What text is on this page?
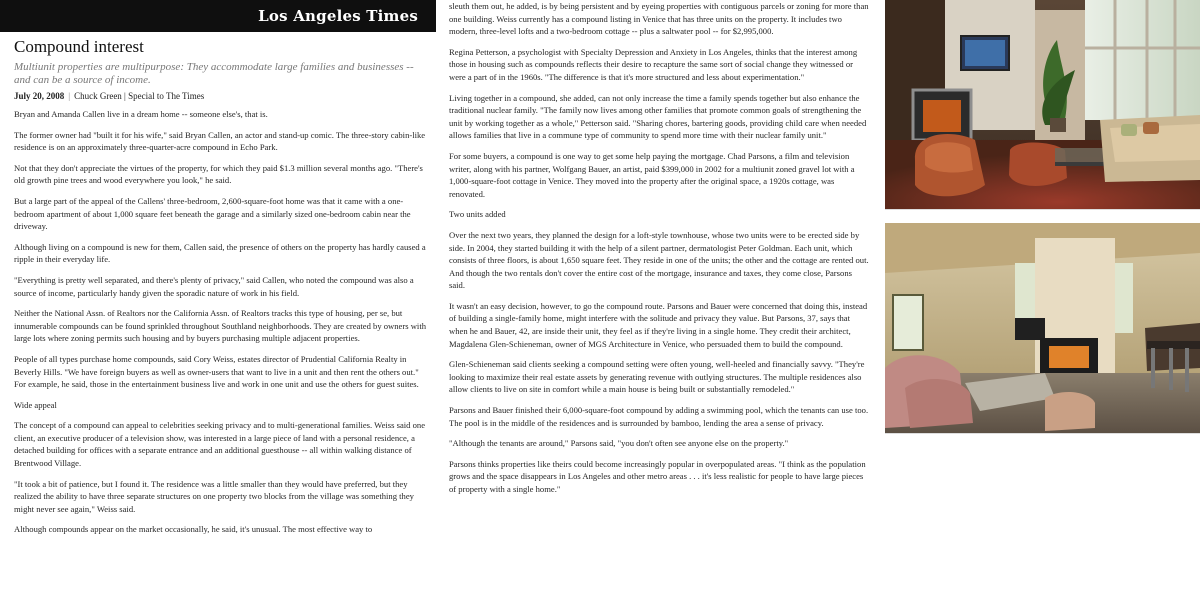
Los Angeles Times
Compound interest
Multiunit properties are multipurpose: They accommodate large families and businesses -- and can be a source of income.
July 20, 2008 | Chuck Green | Special to The Times

Bryan and Amanda Callen live in a dream home -- someone else's, that is.

The former owner had "built it for his wife," said Bryan Callen, an actor and stand-up comic. The three-story cabin-like residence is on an approximately three-quarter-acre compound in Echo Park.

Not that they don't appreciate the virtues of the property, for which they paid $1.3 million several months ago. "There's old growth pine trees and wood everywhere you look," he said.

But a large part of the appeal of the Callens' three-bedroom, 2,600-square-foot home was that it came with a one-bedroom apartment of about 1,000 square feet beneath the garage and a similarly sized one-bedroom cabin near the driveway.

Although living on a compound is new for them, Callen said, the presence of others on the property has hardly caused a ripple in their everyday life.

"Everything is pretty well separated, and there's plenty of privacy," said Callen, who noted the compound was also a source of income, particularly handy given the sporadic nature of work in his field.

Neither the National Assn. of Realtors nor the California Assn. of Realtors tracks this type of housing, per se, but innumerable compounds can be found sprinkled throughout Southland neighborhoods. They are created by owners with large lots where zoning permits such housing and by buyers purchasing multiple adjacent properties.

People of all types purchase home compounds, said Cory Weiss, estates director of Prudential California Realty in Beverly Hills. "We have foreign buyers as well as owner-users that want to live in a unit and then rent the others out." For example, he said, those in the entertainment business live and work in one unit and use the others for guest suites.

Wide appeal

The concept of a compound can appeal to celebrities seeking privacy and to multi-generational families. Weiss said one client, an executive producer of a television show, was interested in a large piece of land with a personal residence, a detached building for offices with a separate entrance and an additional guesthouse -- all within walking distance of Brentwood Village.

"It took a bit of patience, but I found it. The residence was a little smaller than they would have preferred, but they realized the ability to have three separate structures on one property two blocks from the village was something they might never see again," Weiss said.

Although compounds appear on the market occasionally, he said, it's unusual. The most effective way to

sleuth them out, he added, is by being persistent and by eyeing properties with contiguous parcels or zoning for more than one building. Weiss currently has a compound listing in Venice that has three units on the property. It includes two modern, three-level lofts and a two-bedroom cottage -- plus a saltwater pool -- for $2,995,000.

Regina Petterson, a psychologist with Specialty Depression and Anxiety in Los Angeles, thinks that the interest among those in housing such as compounds reflects their desire to recapture the same sort of social change they witnessed or were a part of in the 1960s. "The difference is that it's more structured and less about experimentation."

Living together in a compound, she added, can not only increase the time a family spends together but also enhance the traditional nuclear family. "The family now lives among other families that promote common goals of strengthening the unit by working together as a whole," Petterson said. "Sharing chores, bartering goods, providing child care when needed allows families that live in a commune type of community to spend more time with their nuclear family unit."

For some buyers, a compound is one way to get some help paying the mortgage. Chad Parsons, a film and television writer, along with his partner, Wolfgang Bauer, an artist, paid $399,000 in 2002 for a multiunit zoned gravel lot with a 1,000-square-foot cottage in Venice. They moved into the property after the original space, a 1920s cottage, was renovated.

Two units added

Over the next two years, they planned the design for a loft-style townhouse, whose two units were to be erected side by side. In 2004, they started building it with the help of a silent partner, dermatologist Peter Goldman. Each unit, which consists of three floors, is about 1,650 square feet. They reside in one of the units; the other and the cottage are rented out. And though the two rentals don't cover the entire cost of the mortgage, insurance and taxes, they come close, Parsons said.

It wasn't an easy decision, however, to go the compound route. Parsons and Bauer were concerned that doing this, instead of building a single-family home, might interfere with the solitude and privacy they value. But Parsons, 37, says that when he and Bauer, 42, are inside their unit, they feel as if they're living in a single home. They credit their architect, Magdalena Glen-Schieneman, owner of MGS Architecture in Venice, who persuaded them to build the compound.

Glen-Schieneman said clients seeking a compound setting were often young, well-heeled and financially savvy. "They're looking to maximize their real estate assets by generating revenue with outlying structures. The multiple residences also allow clients to live on site in comfort while a main house is being built or substantially remodeled."

Parsons and Bauer finished their 6,000-square-foot compound by adding a swimming pool, which the tenants can use too. The pool is in the middle of the residences and is surrounded by bamboo, lending the area a sense of privacy.

"Although the tenants are around," Parsons said, "you don't often see anyone else on the property."

Parsons thinks properties like theirs could become increasingly popular in overpopulated areas. "I think as the population grows and the space disappears in Los Angeles and other metro areas . . . it's less realistic for people to have large pieces of property with a single home."
